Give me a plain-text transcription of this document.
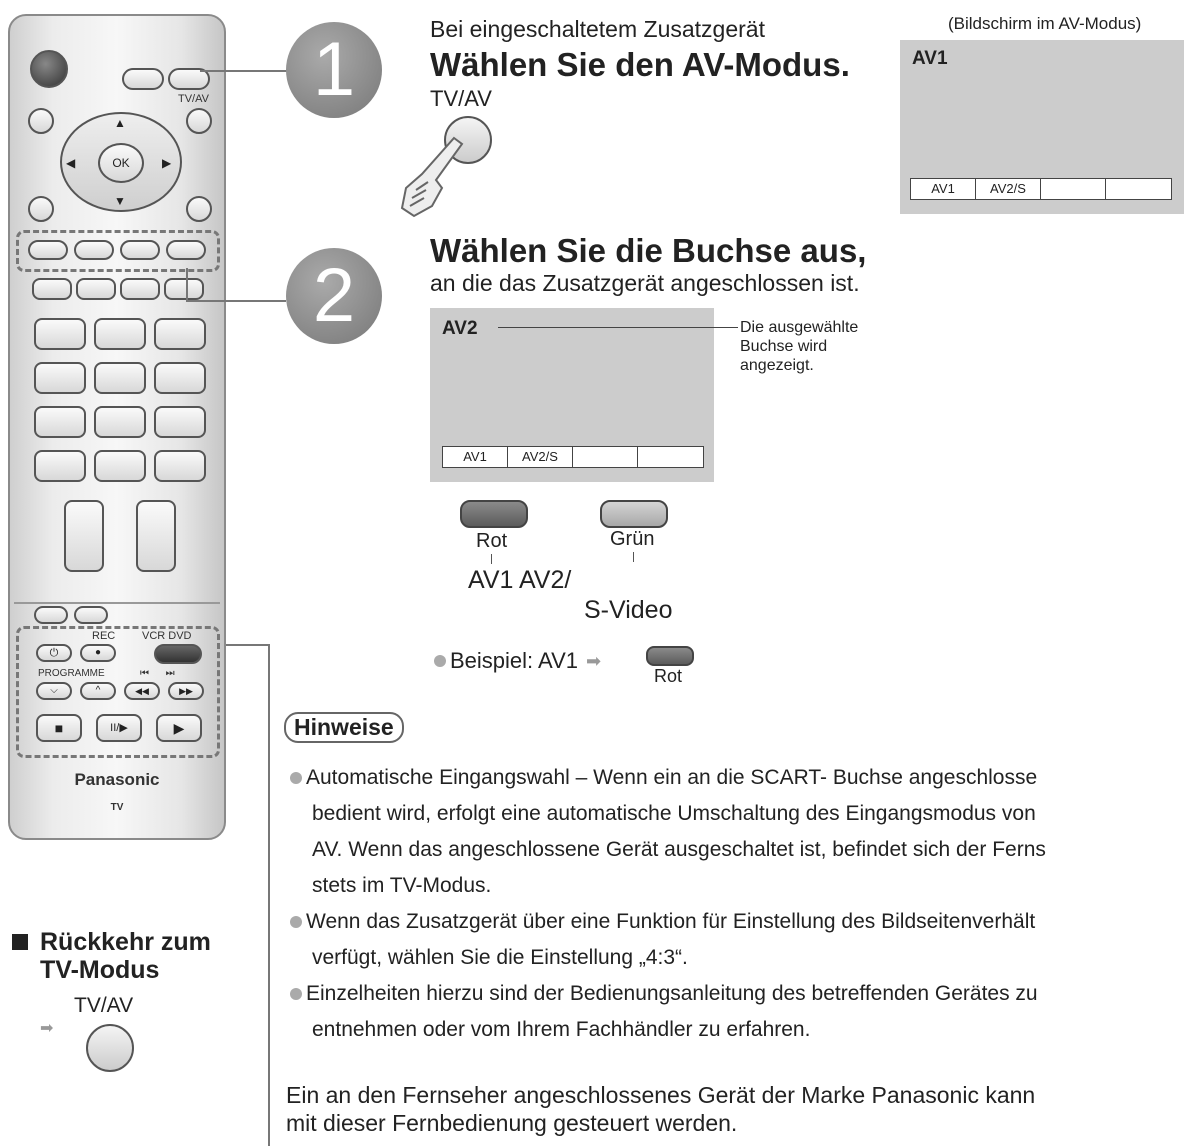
TV/AV
▲
▼
◀	▶
OK
REC VCR DVD
⏻	●
PROGRAMME	⏮      ⏭
⌵	^	◀◀	▶▶
■	II/▶	▶
Panasonic
TV
1	Bei eingeschaltetem Zusatzgerät
Wählen Sie den AV-Modus.
TV/AV
(Bildschirm im AV-Modus)
AV1
AV1	AV2/S
2
Wählen Sie die Buchse aus,
an die das Zusatzgerät angeschlossen ist.
AV2
AV1	AV2/S
Die ausgewählte
Buchse wird
angezeigt.
Rot	Grün
AV1 AV2/
S-Video
Beispiel: AV1 ➡
Rot
Hinweise

Automatische Eingangswahl – Wenn ein an die SCART- Buchse angeschlosse

bedient wird, erfolgt eine automatische Umschaltung des Eingangsmodus von

AV. Wenn das angeschlossene Gerät ausgeschaltet ist, befindet sich der Ferns

stets im TV-Modus.

Wenn das Zusatzgerät über eine Funktion für Einstellung des Bildseitenverhält

verfügt, wählen Sie die Einstellung „4:3“.

Einzelheiten hierzu sind der Bedienungsanleitung des betreffenden Gerätes zu

entnehmen oder vom Ihrem Fachhändler zu erfahren.

Rückkehr zum
TV-Modus
TV/AV
➡
Ein an den Fernseher angeschlossenes Gerät der Marke Panasonic kann
mit dieser Fernbedienung gesteuert werden.
